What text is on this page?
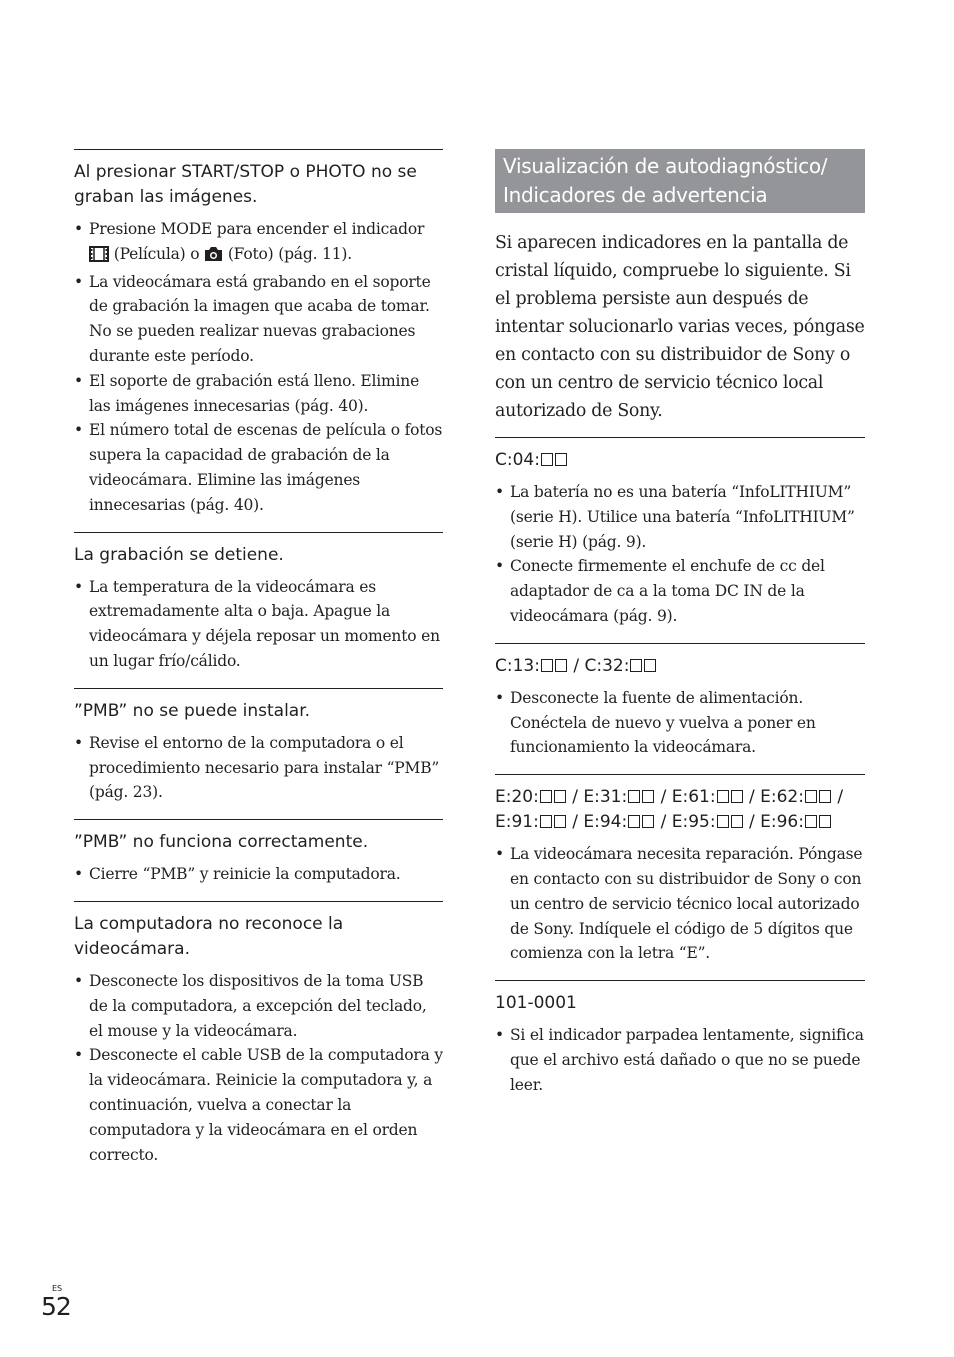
Al presionar START/STOP o PHOTO no se graban las imágenes.
• Presione MODE para encender el indicador  (Película) o  (Foto) (pág. 11).
• La videocámara está grabando en el soporte de grabación la imagen que acaba de tomar. No se pueden realizar nuevas grabaciones durante este período.
• El soporte de grabación está lleno. Elimine las imágenes innecesarias (pág. 40).
• El número total de escenas de película o fotos supera la capacidad de grabación de la videocámara. Elimine las imágenes innecesarias (pág. 40).
La grabación se detiene.
• La temperatura de la videocámara es extremadamente alta o baja. Apague la videocámara y déjela reposar un momento en un lugar frío/cálido.
”PMB” no se puede instalar.
• Revise el entorno de la computadora o el procedimiento necesario para instalar “PMB” (pág. 23).
”PMB” no funciona correctamente.
• Cierre “PMB” y reinicie la computadora.
La computadora no reconoce la videocámara.
• Desconecte los dispositivos de la toma USB de la computadora, a excepción del teclado, el mouse y la videocámara.
• Desconecte el cable USB de la computadora y la videocámara. Reinicie la computadora y, a continuación, vuelva a conectar la computadora y la videocámara en el orden correcto.
Visualización de autodiagnóstico/ Indicadores de advertencia

Si aparecen indicadores en la pantalla de cristal líquido, compruebe lo siguiente. Si el problema persiste aun después de intentar solucionarlo varias veces, póngase en contacto con su distribuidor de Sony o con un centro de servicio técnico local autorizado de Sony.

C:04:
• La batería no es una batería “InfoLITHIUM” (serie H). Utilice una batería “InfoLITHIUM” (serie H) (pág. 9).
• Conecte firmemente el enchufe de cc del adaptador de ca a la toma DC IN de la videocámara (pág. 9).
C:13: / C:32:
• Desconecte la fuente de alimentación. Conéctela de nuevo y vuelva a poner en funcionamiento la videocámara.
E:20: / E:31: / E:61: / E:62: / E:91: / E:94: / E:95: / E:96:
• La videocámara necesita reparación. Póngase en contacto con su distribuidor de Sony o con un centro de servicio técnico local autorizado de Sony. Indíquele el código de 5 dígitos que comienza con la letra “E”.
101-0001
• Si el indicador parpadea lentamente, significa que el archivo está dañado o que no se puede leer.
ES
52
